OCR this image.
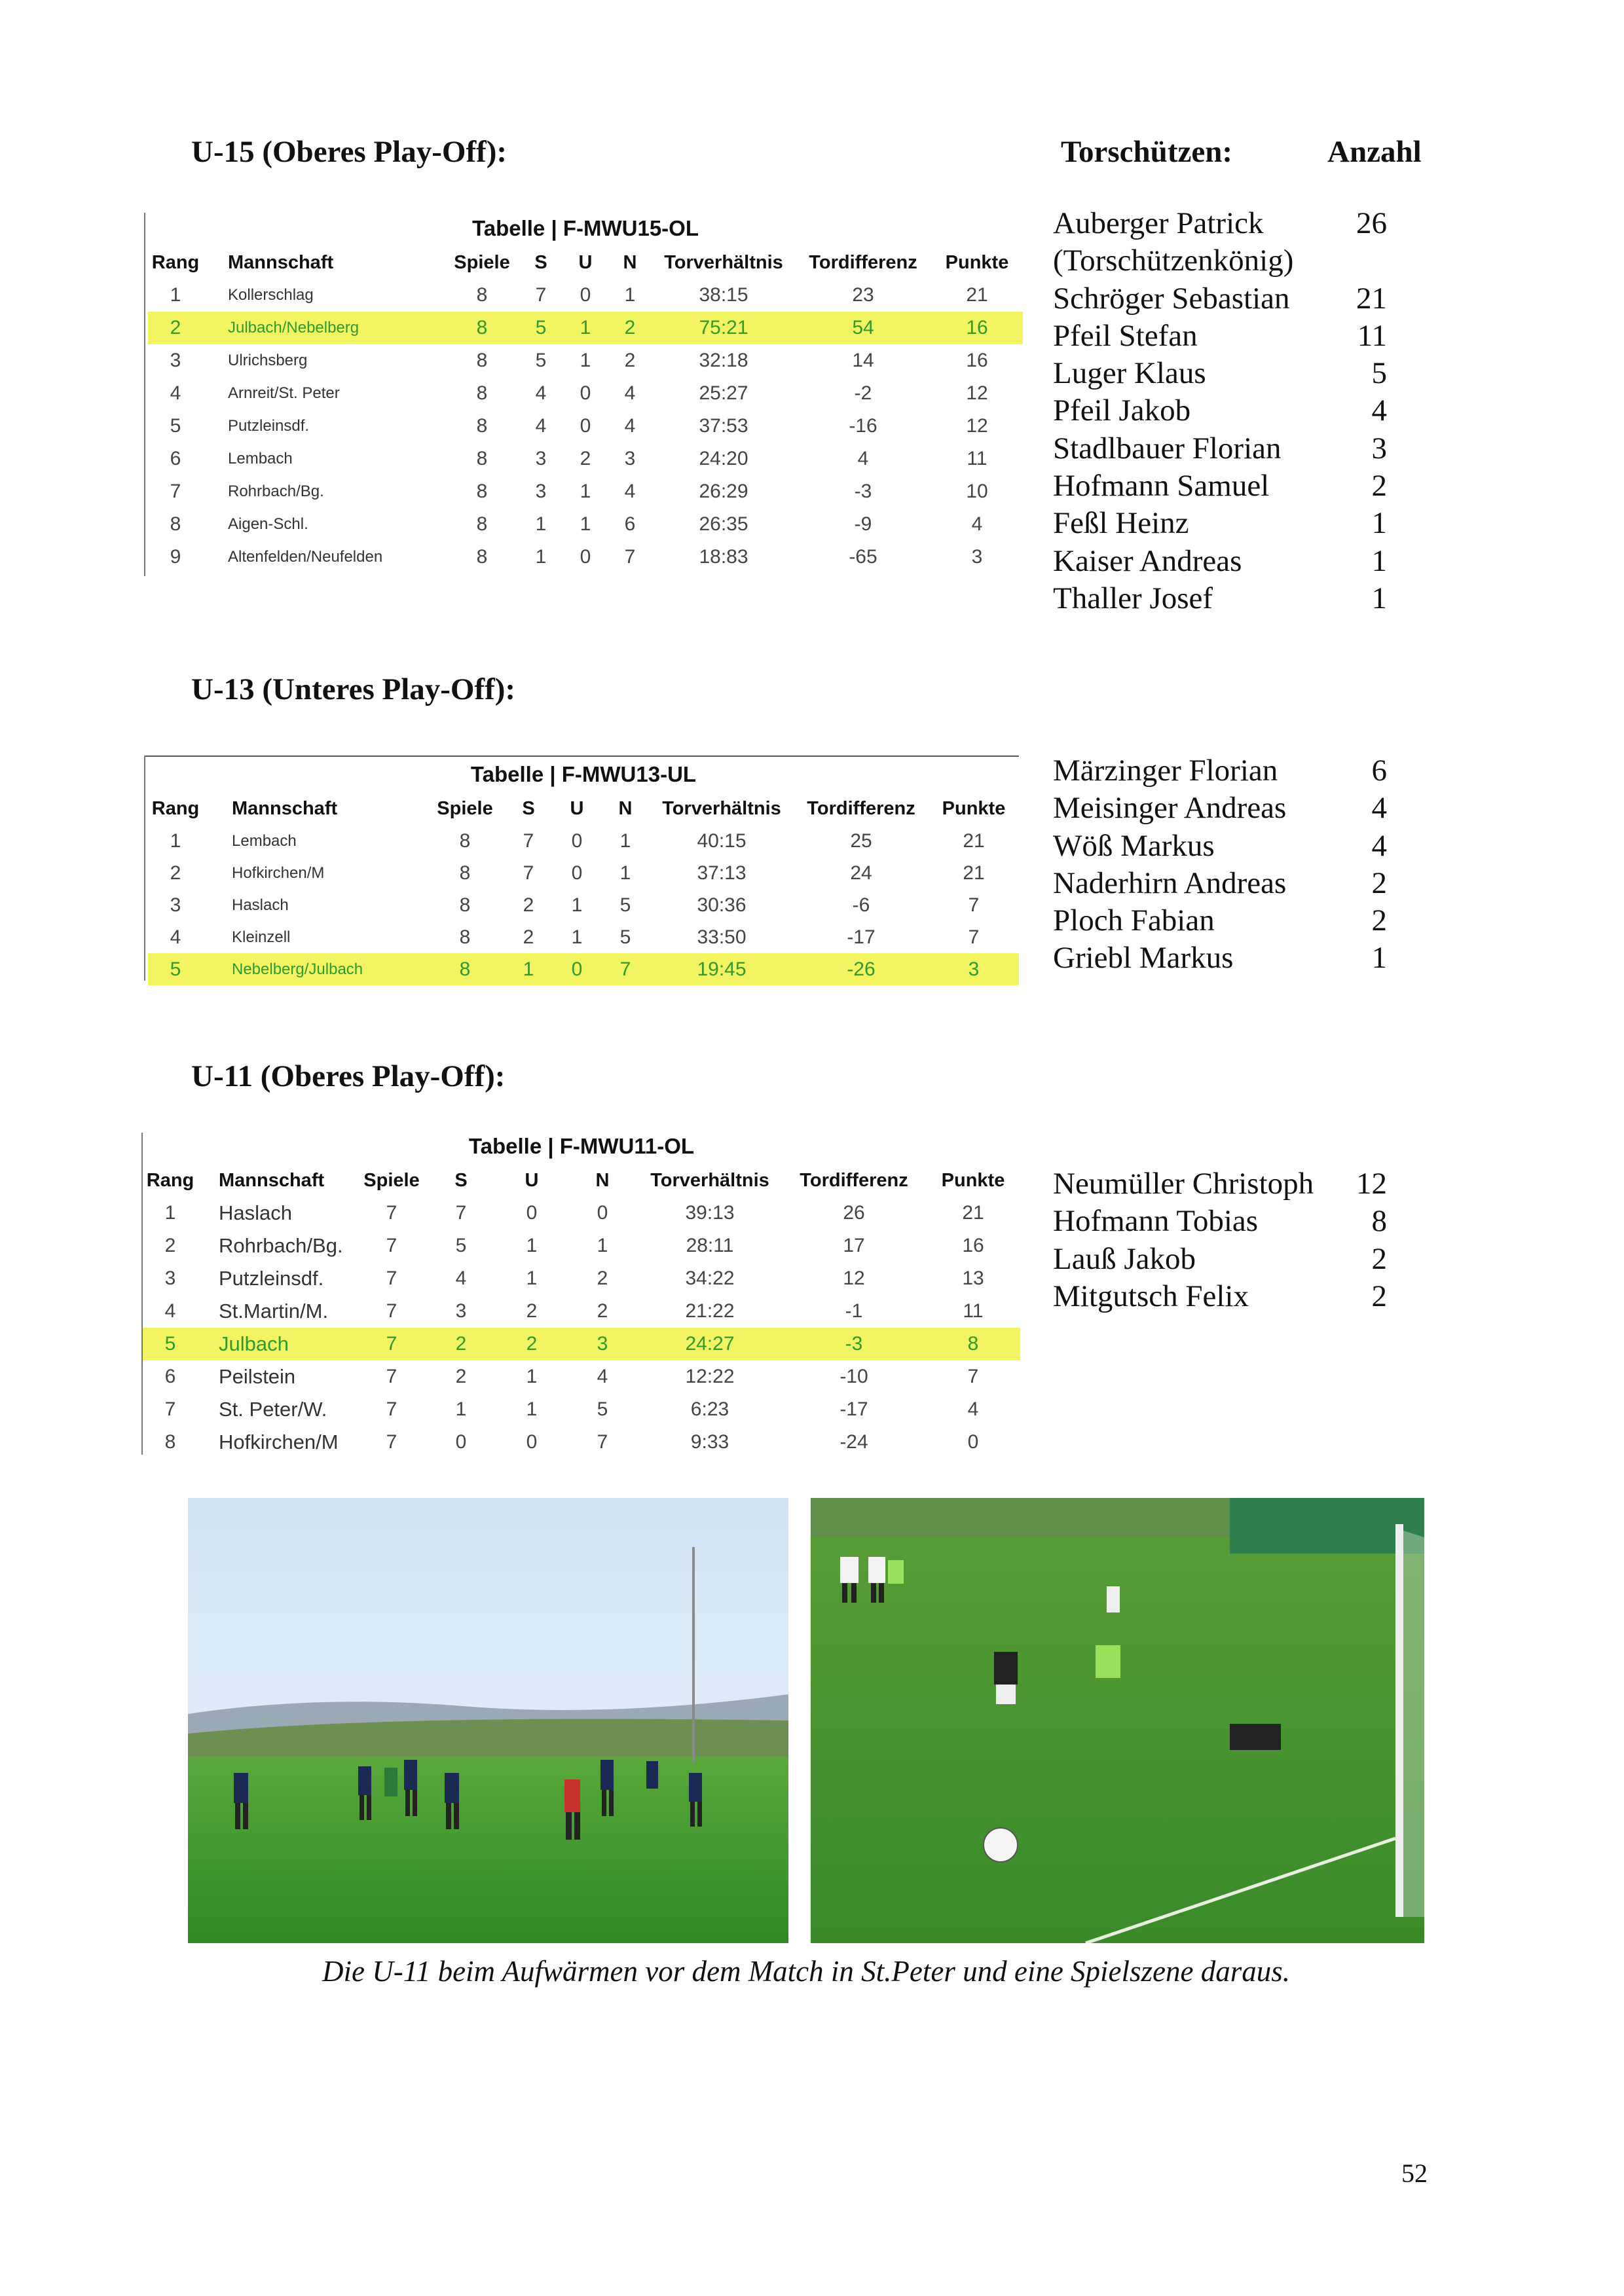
U-15 (Oberes Play-Off):	Torschützen:	Anzahl
U-13 (Unteres Play-Off):
U-11 (Oberes Play-Off):
Tabelle | F-MWU15-OL
Rang	Mannschaft	Spiele	S	U	N	Torverhältnis	Tordifferenz	Punkte
1	Kollerschlag	8	7	0	1	38:15	23	21
2	Julbach/Nebelberg	8	5	1	2	75:21	54	16
3	Ulrichsberg	8	5	1	2	32:18	14	16
4	Arnreit/St. Peter	8	4	0	4	25:27	-2	12
5	Putzleinsdf.	8	4	0	4	37:53	-16	12
6	Lembach	8	3	2	3	24:20	4	11
7	Rohrbach/Bg.	8	3	1	4	26:29	-3	10
8	Aigen-Schl.	8	1	1	6	26:35	-9	4
9	Altenfelden/Neufelden	8	1	0	7	18:83	-65	3
Tabelle | F-MWU13-UL
Rang	Mannschaft	Spiele	S	U	N	Torverhältnis	Tordifferenz	Punkte
1	Lembach	8	7	0	1	40:15	25	21
2	Hofkirchen/M	8	7	0	1	37:13	24	21
3	Haslach	8	2	1	5	30:36	-6	7
4	Kleinzell	8	2	1	5	33:50	-17	7
5	Nebelberg/Julbach	8	1	0	7	19:45	-26	3
Tabelle | F-MWU11-OL
Rang	Mannschaft	Spiele	S	U	N	Torverhältnis	Tordifferenz	Punkte
1	Haslach	7	7	0	0	39:13	26	21
2	Rohrbach/Bg.	7	5	1	1	28:11	17	16
3	Putzleinsdf.	7	4	1	2	34:22	12	13
4	St.Martin/M.	7	3	2	2	21:22	-1	11
5	Julbach	7	2	2	3	24:27	-3	8
6	Peilstein	7	2	1	4	12:22	-10	7
7	St. Peter/W.	7	1	1	5	6:23	-17	4
8	Hofkirchen/M	7	0	0	7	9:33	-24	0
Auberger Patrick	26
(Torschützenkönig)
Schröger Sebastian 21
Pfeil Stefan	11
Luger Klaus	5
Pfeil Jakob	4
Stadlbauer Florian	3
Hofmann Samuel	2
Feßl Heinz	1
Kaiser Andreas	1
Thaller Josef	1
Märzinger Florian	6
Meisinger Andreas	4
Wöß Markus	4
Naderhirn Andreas	2
Ploch Fabian	2
Griebl Markus	1
Neumüller Christoph 12
Hofmann Tobias	8
Lauß Jakob	2
Mitgutsch Felix	2
Die U-11 beim Aufwärmen vor dem Match in St.Peter und eine Spielszene daraus.
52
